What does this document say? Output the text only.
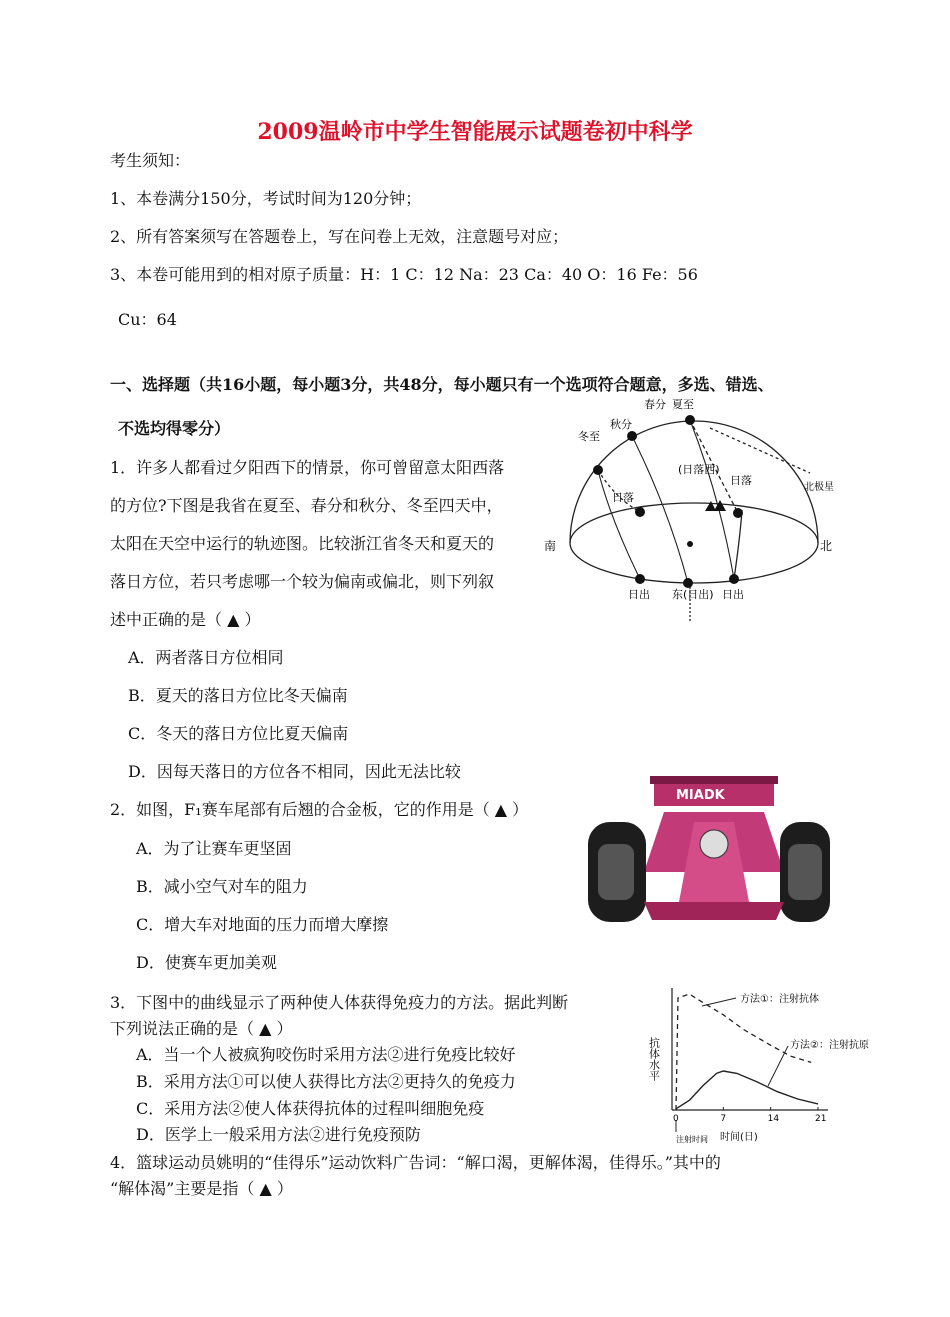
2009温岭市中学生智能展示试题卷初中科学
考生须知：
1、本卷满分150分，考试时间为120分钟；
2、所有答案须写在答题卷上，写在问卷上无效，注意题号对应；
3、本卷可能用到的相对原子质量：H：1 C：12 Na：23 Ca：40 O：16 Fe：56
Cu：64
一、选择题（共16小题，每小题3分，共48分，每小题只有一个选项符合题意，多选、错选、
不选均得零分）
1．许多人都看过夕阳西下的情景，你可曾留意太阳西落
的方位?下图是我省在夏至、春分和秋分、冬至四天中，
太阳在天空中运行的轨迹图。比较浙江省冬天和夏天的
落日方位，若只考虑哪一个较为偏南或偏北，则下列叙
述中正确的是（ ▲ ）
A．两者落日方位相同
B．夏天的落日方位比冬天偏南
C．冬天的落日方位比夏天偏南
D．因每天落日的方位各不相同，因此无法比较
冬至
秋分
春分 夏至
日落
日落
(日落西)
日出	日出
东(日出)
南	北
北极星
2．如图，F₁赛车尾部有后翘的合金板，它的作用是（ ▲ ）
A．为了让赛车更坚固
B．减小空气对车的阻力
C．增大车对地面的压力而增大摩擦
D．使赛车更加美观
MIADK
3．下图中的曲线显示了两种使人体获得免疫力的方法。据此判断
下列说法正确的是（ ▲ ）
A．当一个人被疯狗咬伤时采用方法②进行免疫比较好
B．采用方法①可以使人获得比方法②更持久的免疫力
C．采用方法②使人体获得抗体的过程叫细胞免疫
D．医学上一般采用方法②进行免疫预防
抗体水平
时间(日)
注射时间
方法①：注射抗体
方法②：注射抗原
0	7	14	21
4．篮球运动员姚明的“佳得乐”运动饮料广告词：“解口渴，更解体渴，佳得乐。”其中的
“解体渴”主要是指（ ▲ ）
